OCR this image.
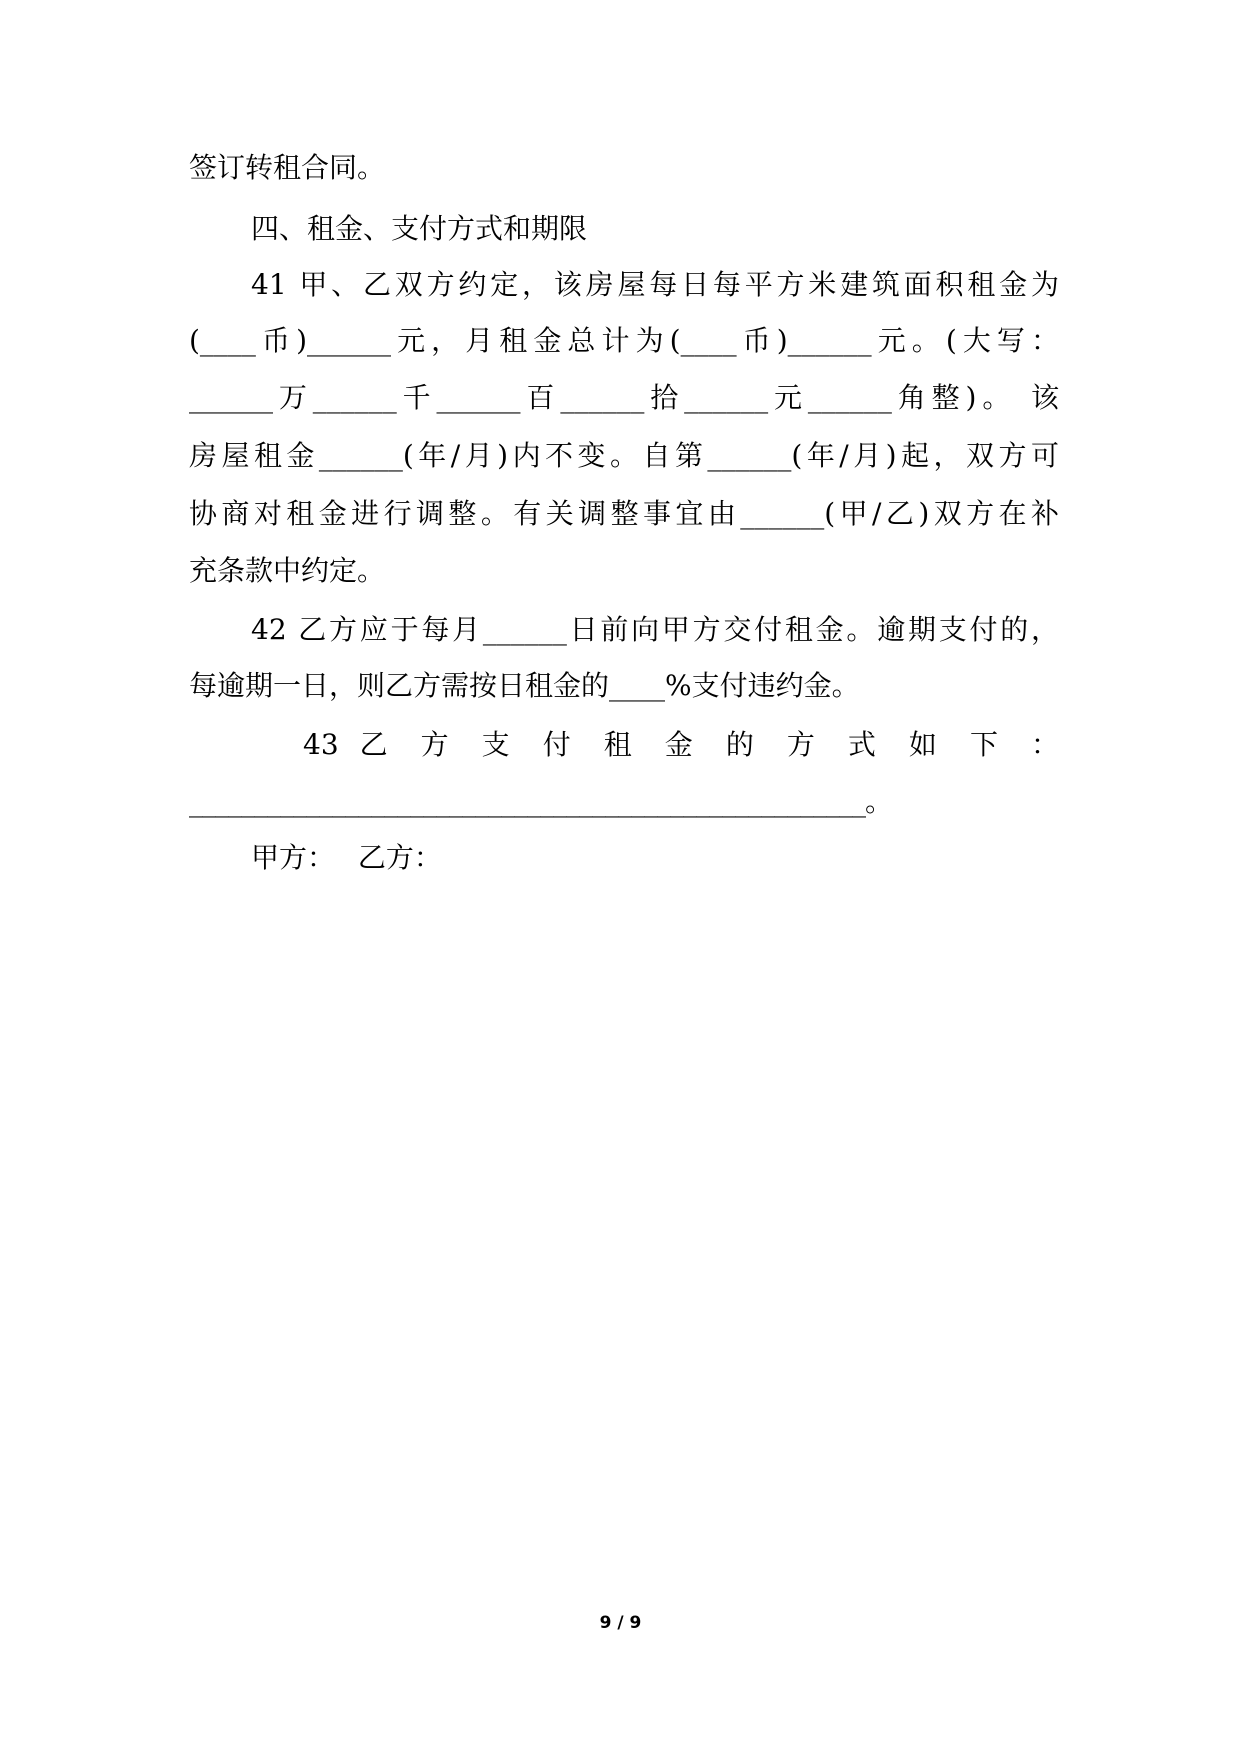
签订转租合同。
四、租金、支付方式和期限
41 甲、乙双方约定，该房屋每日每平方米建筑面积租金为
(____币)______元，月租金总计为(____币)______元。(大写：
______万______千______百______拾______元______角整)。 该
房屋租金______(年/月)内不变。自第______(年/月)起，双方可
协商对租金进行调整。有关调整事宜由______(甲/乙)双方在补
充条款中约定。
42 乙方应于每月______日前向甲方交付租金。逾期支付的，
每逾期一日，则乙方需按日租金的____%支付违约金。
43 乙 方 支 付 租 金 的 方 式 如 下 ：
____________________________________________________。
甲方： 乙方：
9 / 9
